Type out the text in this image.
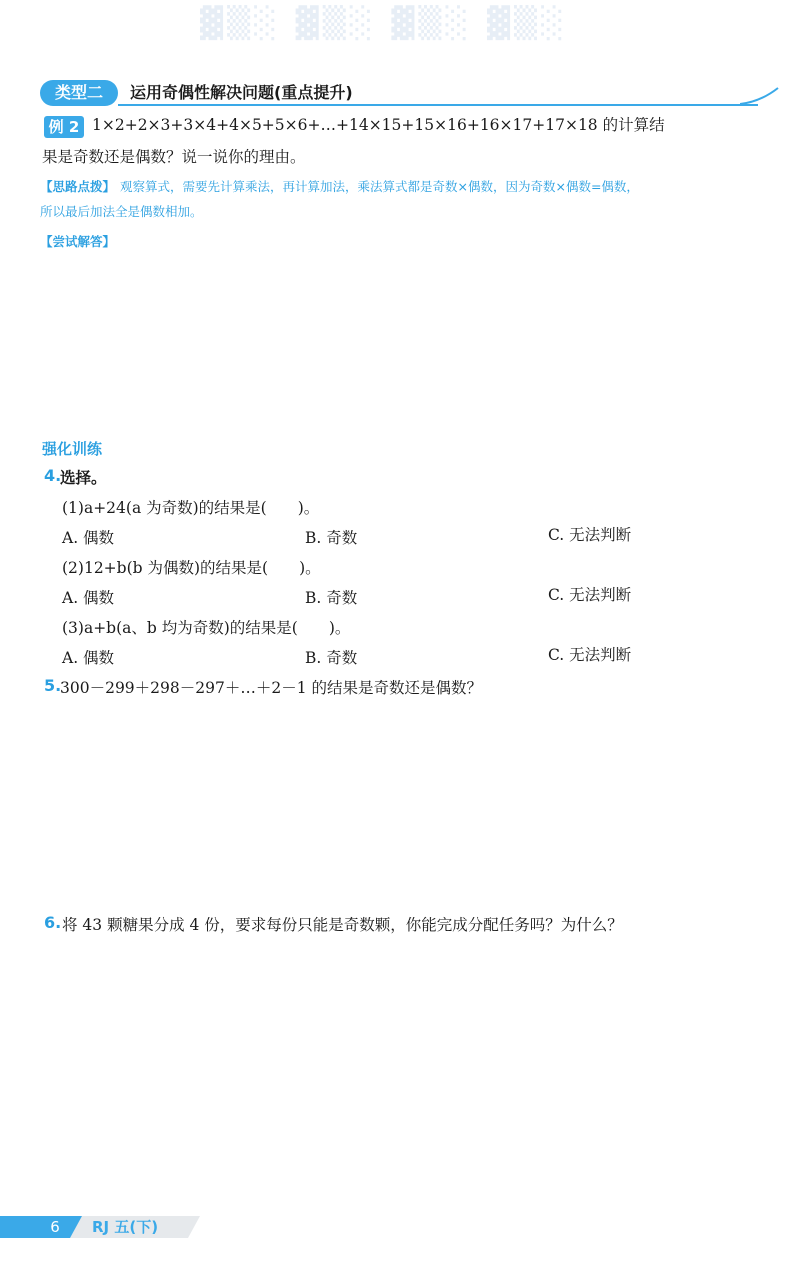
▓▒░ ▓▒░ ▓▒░ ▓▒░
类型二	运用奇偶性解决问题(重点提升)
例 2 1×2+2×3+3×4+4×5+5×6+…+14×15+15×16+16×17+17×18 的计算结
果是奇数还是偶数？说一说你的理由。
【思路点拨】 观察算式，需要先计算乘法，再计算加法，乘法算式都是奇数×偶数，因为奇数×偶数=偶数，
所以最后加法全是偶数相加。
【尝试解答】
强化训练
4.
选择。
(1)a+24(a 为奇数)的结果是(　　)。
A. 偶数	B. 奇数	C. 无法判断
(2)12+b(b 为偶数)的结果是(　　)。
A. 偶数	B. 奇数	C. 无法判断
(3)a+b(a、b 均为奇数)的结果是(　　)。
A. 偶数	B. 奇数	C. 无法判断
5.
300－299＋298－297＋…＋2－1 的结果是奇数还是偶数？
6. 将 43 颗糖果分成 4 份，要求每份只能是奇数颗，你能完成分配任务吗？为什么？
6	RJ 五(下)
